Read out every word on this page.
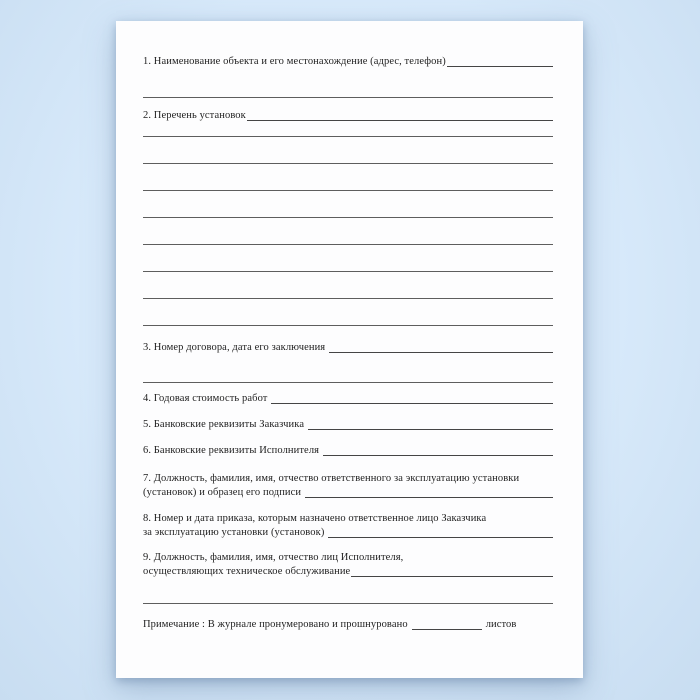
1. Наименование объекта и его местонахождение (адрес, телефон)
2. Перечень установок
3. Номер договора, дата его заключения
4. Годовая стоимость работ
5. Банковские реквизиты Заказчика
6. Банковские реквизиты Исполнителя
7. Должность, фамилия, имя, отчество ответственного за эксплуатацию установки
(установок) и образец его подписи
8. Номер и дата приказа, которым назначено ответственное лицо Заказчика
за эксплуатацию установки (установок)
9. Должность, фамилия, имя, отчество лиц Исполнителя,
осуществляющих техническое обслуживание
Примечание : В журнале пронумеровано и прошнуровано	листов
